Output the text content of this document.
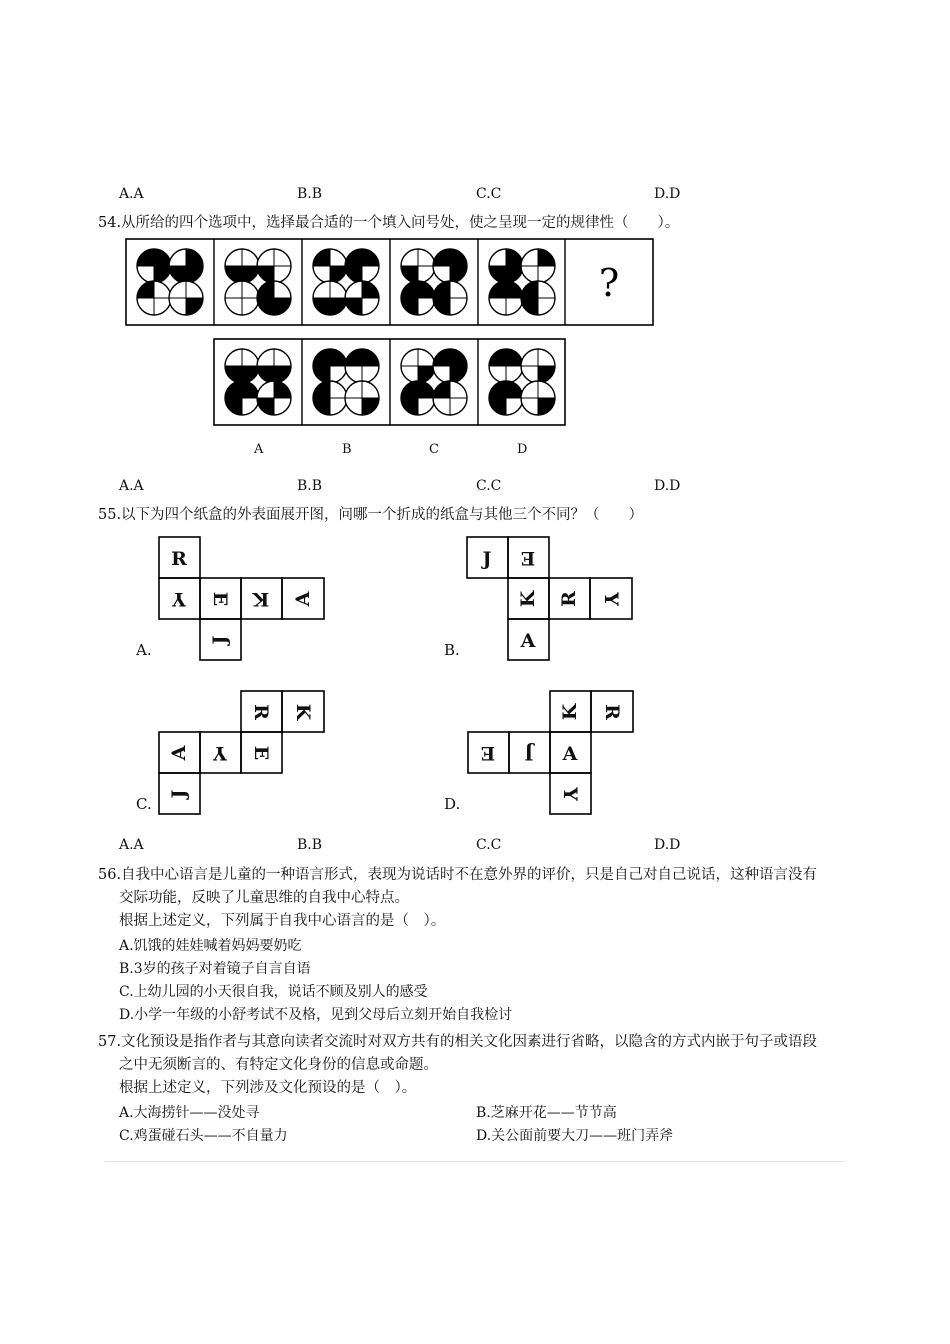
A.A	B.B	C.C	D.D
54.从所给的四个选项中，选择最合适的一个填入问号处，使之呈现一定的规律性（　　）。
?
A	B	C	D
A.A	B.B	C.C	D.D
55.以下为四个纸盒的外表面展开图，问哪一个折成的纸盒与其他三个不同？（　　）
R
Y E K A
J
J E
K R Y
A
R K
A Y E
J
K R
E J A
Y
A.	B.
C.	D.
A.A	B.B	C.C	D.D
56.自我中心语言是儿童的一种语言形式，表现为说话时不在意外界的评价，只是自己对自己说话，这种语言没有
交际功能，反映了儿童思维的自我中心特点。
根据上述定义，下列属于自我中心语言的是（　）。
A.饥饿的娃娃喊着妈妈要奶吃
B.3岁的孩子对着镜子自言自语
C.上幼儿园的小天很自我，说话不顾及别人的感受
D.小学一年级的小舒考试不及格，见到父母后立刻开始自我检讨
57.文化预设是指作者与其意向读者交流时对双方共有的相关文化因素进行省略，以隐含的方式内嵌于句子或语段
之中无须断言的、有特定文化身份的信息或命题。
根据上述定义，下列涉及文化预设的是（　）。
A.大海捞针——没处寻	B.芝麻开花——节节高
C.鸡蛋碰石头——不自量力	D.关公面前要大刀——班门弄斧
